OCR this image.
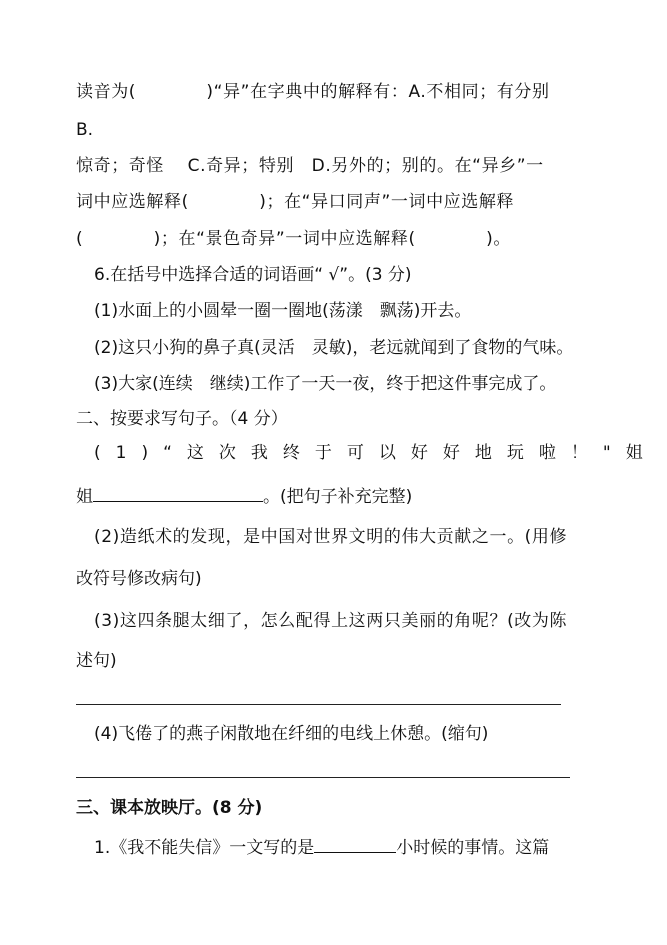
读音为(　　　　)“异”在字典中的解释有：A.不相同；有分别
B.
惊奇；奇怪　 C.奇异；特别　D.另外的；别的。在“异乡”一
词中应选解释(　　　　)；在“异口同声”一词中应选解释
(　　　　)；在“景色奇异”一词中应选解释(　　　　)。
6.在括号中选择合适的词语画“ √”。(3 分)
(1)水面上的小圆晕一圈一圈地(荡漾　飘荡)开去。
(2)这只小狗的鼻子真(灵活　灵敏)，老远就闻到了食物的气味。
(3)大家(连续　继续)工作了一天一夜，终于把这件事完成了。
二、按要求写句子。（4 分）
(1)“这次我终于可以好好地玩啦！"姐
姐	。(把句子补充完整)
(2)造纸术的发现，是中国对世界文明的伟大贡献之一。(用修
改符号修改病句)
(3)这四条腿太细了，怎么配得上这两只美丽的角呢？(改为陈
述句)
(4)飞倦了的燕子闲散地在纤细的电线上休憩。(缩句)
三、课本放映厅。(8 分)
1.《我不能失信》一文写的是	小时候的事情。这篇
